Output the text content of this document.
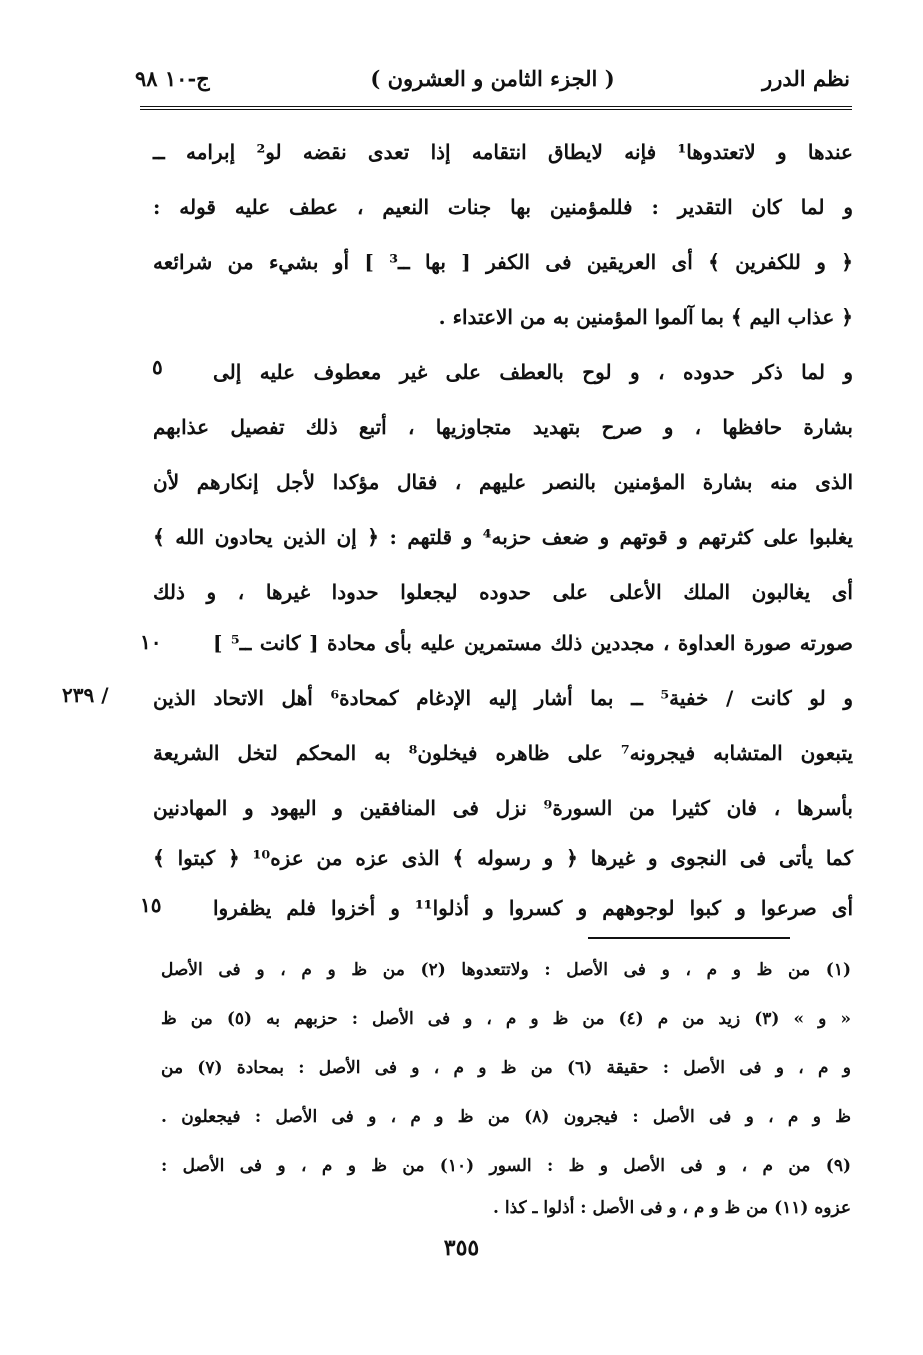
نظم الدرر
( الجزء الثامن و العشرون )
ج-١٠ ٩٨
عندها و لاتعتدوها¹ فإنه لايطاق انتقامه إذا تعدى نقضه لو² إبرامه ــ
و لما كان التقدير : فللمؤمنين بها جنات النعيم ، عطف عليه قوله :
﴿ و للكفرين ﴾ أى العريقين فى الكفر [ بها ــ³ ] أو بشيء من شرائعه
﴿ عذاب اليم ﴾ بما آلموا المؤمنين به من الاعتداء .
و لما ذكر حدوده ، و لوح بالعطف على غير معطوف عليه إلى
بشارة حافظها ، و صرح بتهديد متجاوزيها ، أتبع ذلك تفصيل عذابهم
الذى منه بشارة المؤمنين بالنصر عليهم ، فقال مؤكدا لأجل إنكارهم لأن
يغلبوا على كثرتهم و قوتهم و ضعف حزبه⁴ و قلتهم : ﴿ إن الذين يحادون الله ﴾
أى يغالبون الملك الأعلى على حدوده ليجعلوا حدودا غيرها ، و ذلك
صورته صورة العداوة ، مجددين ذلك مستمرين عليه بأى محادة [ كانت ــ⁵ ]
و لو كانت / خفية⁵ ــ بما أشار إليه الإدغام كمحادة⁶ أهل الاتحاد الذين
يتبعون المتشابه فيجرونه⁷ على ظاهره فيخلون⁸ به المحكم لتخل الشريعة
بأسرها ، فان كثيرا من السورة⁹ نزل فى المنافقين و اليهود و المهادنين
كما يأتى فى النجوى و غيرها ﴿ و رسوله ﴾ الذى عزه من عزه¹⁰ ﴿ كبتوا ﴾
أى صرعوا و كبوا لوجوههم و كسروا و أذلوا¹¹ و أخزوا فلم يظفروا
٥
١٠
١٥
/ ٢٣٩
(١) من ظ و م ، و فى الأصل : ولاتتعدوها (٢) من ظ و م ، و فى الأصل
« و » (٣) زيد من م (٤) من ظ و م ، و فى الأصل : حزبهم به (٥) من ظ
و م ، و فى الأصل : حقيقة (٦) من ظ و م ، و فى الأصل : بمحادة (٧) من
ظ و م ، و فى الأصل : فيجرون (٨) من ظ و م ، و فى الأصل : فيجعلون .
(٩) من م ، و فى الأصل و ظ : السور (١٠) من ظ و م ، و فى الأصل :
عزوه (١١) من ظ و م ، و فى الأصل : أذلوا ـ كذا .
٣٥٥
